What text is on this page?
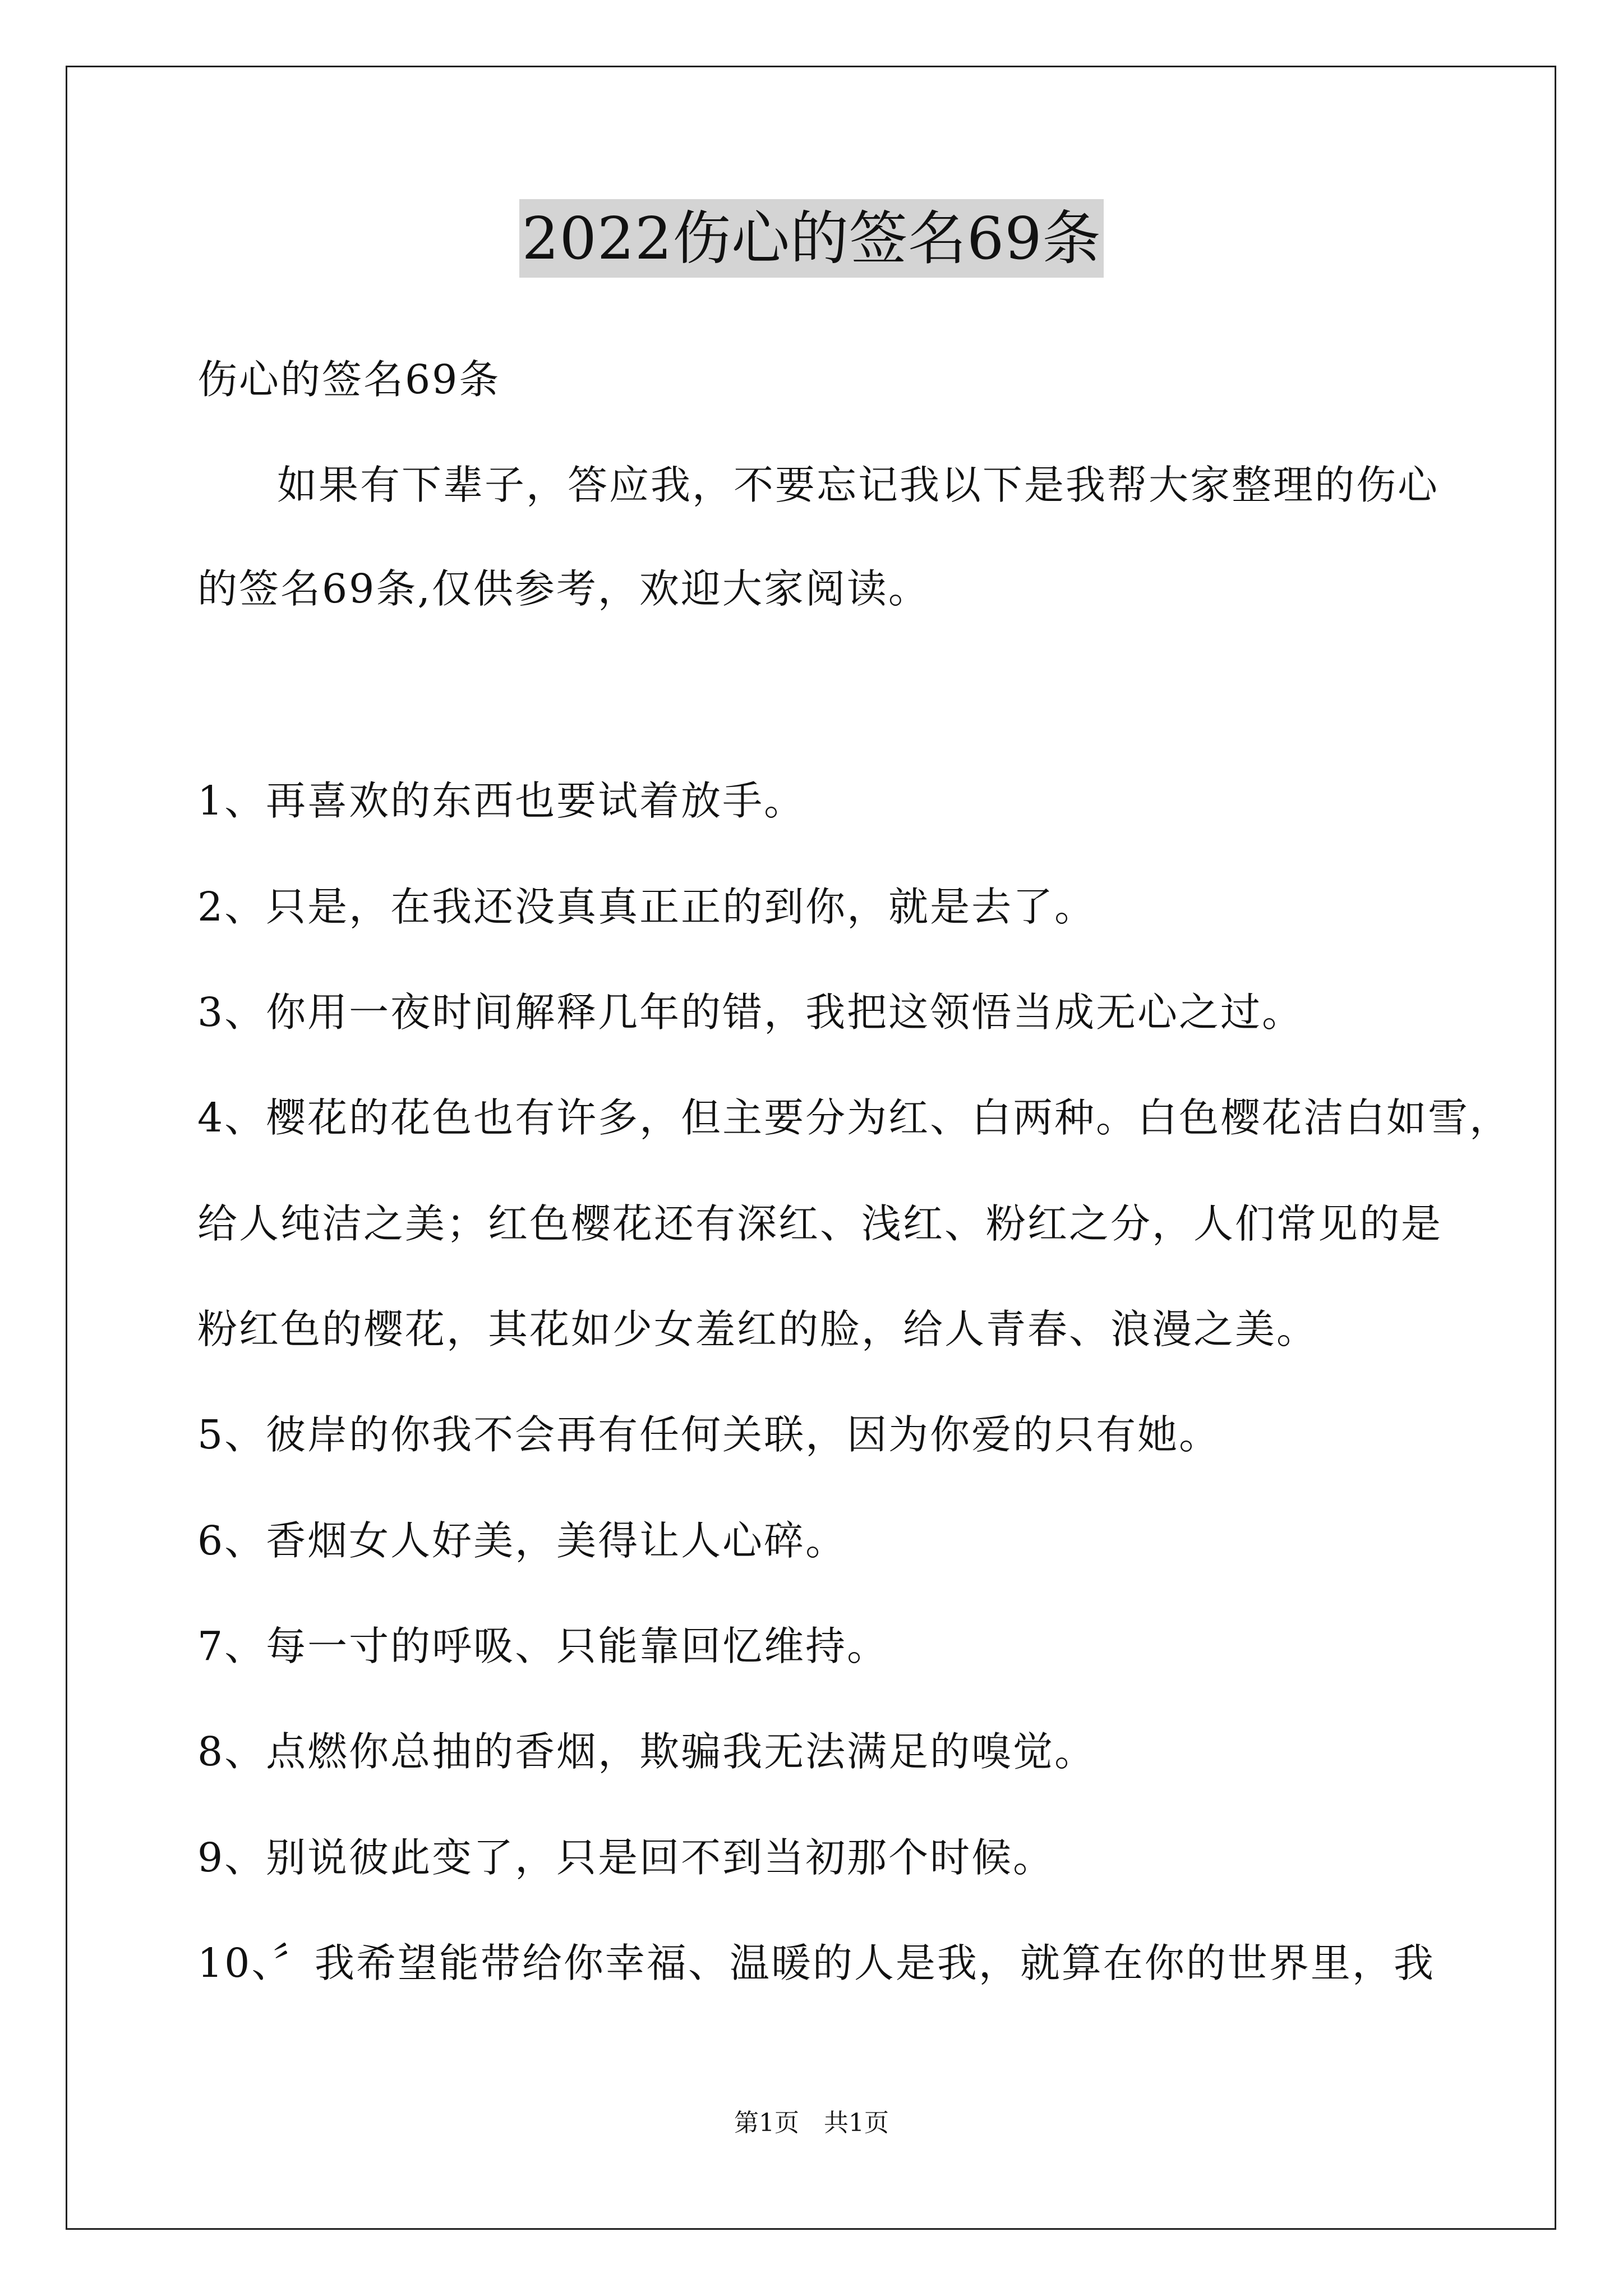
2022伤心的签名69条
伤心的签名69条
如果有下辈子，答应我，不要忘记我以下是我帮大家整理的伤心
的签名69条,仅供参考，欢迎大家阅读。
1、再喜欢的东西也要试着放手。
2、只是，在我还没真真正正的到你，就是去了。
3、你用一夜时间解释几年的错，我把这领悟当成无心之过。
4、樱花的花色也有许多，但主要分为红、白两种。白色樱花洁白如雪，
给人纯洁之美；红色樱花还有深红、浅红、粉红之分，人们常见的是
粉红色的樱花，其花如少女羞红的脸，给人青春、浪漫之美。
5、彼岸的你我不会再有任何关联，因为你爱的只有她。
6、香烟女人好美，美得让人心碎。
7、每一寸的呼吸、只能靠回忆维持。
8、点燃你总抽的香烟，欺骗我无法满足的嗅觉。
9、别说彼此变了，只是回不到当初那个时候。
10、〞我希望能带给你幸福、温暖的人是我，就算在你的世界里，我
第1页　共1页
